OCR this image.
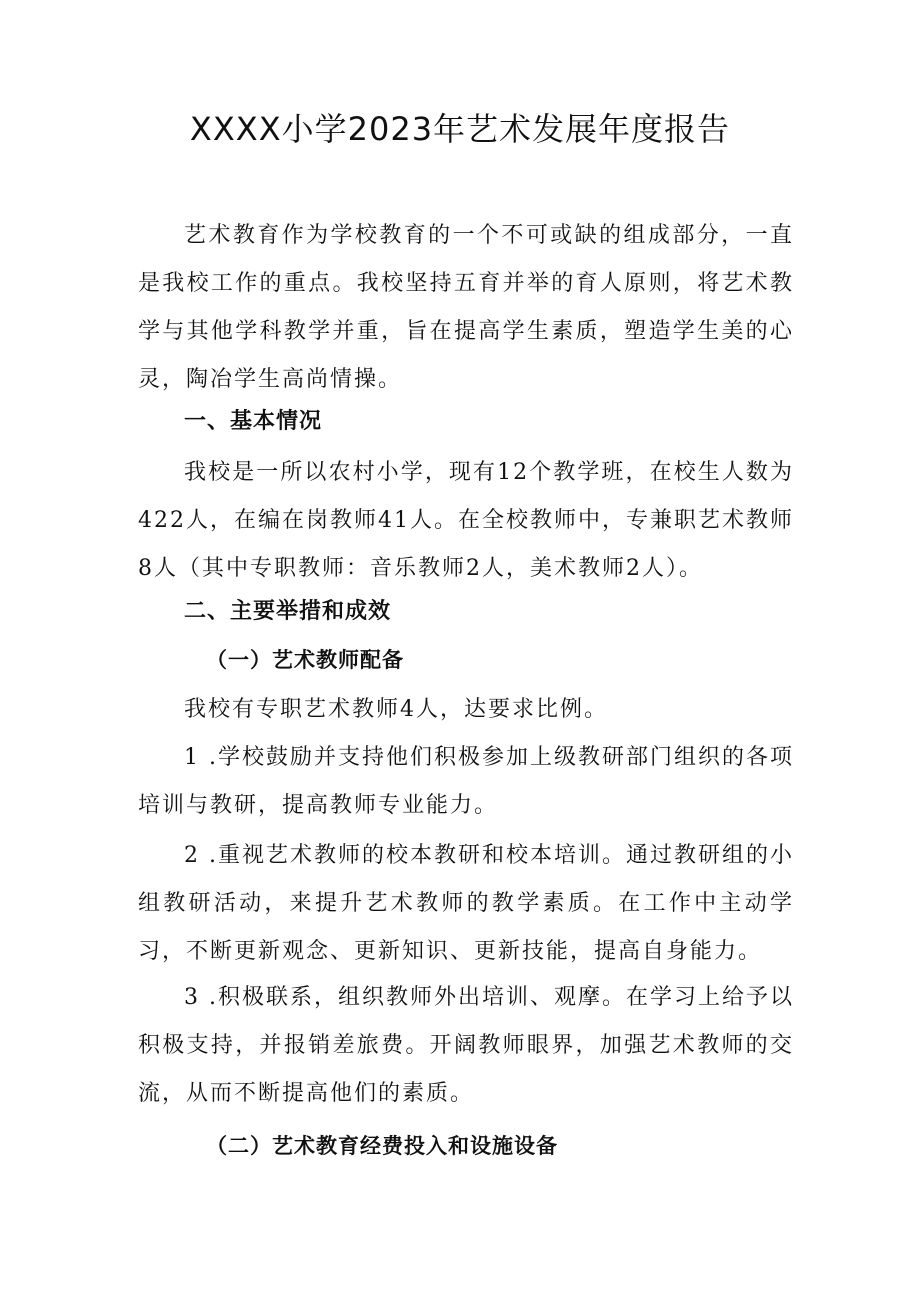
XXXX小学2023年艺术发展年度报告
艺术教育作为学校教育的一个不可或缺的组成部分，一直是我校工作的重点。我校坚持五育并举的育人原则，将艺术教学与其他学科教学并重，旨在提高学生素质，塑造学生美的心灵，陶冶学生高尚情操。
一、基本情况
我校是一所以农村小学，现有12个教学班，在校生人数为422人，在编在岗教师41人。在全校教师中，专兼职艺术教师8人（其中专职教师：音乐教师2人，美术教师2人）。
二、主要举措和成效
（一）艺术教师配备
我校有专职艺术教师4人，达要求比例。
1 .学校鼓励并支持他们积极参加上级教研部门组织的各项培训与教研，提高教师专业能力。
2 .重视艺术教师的校本教研和校本培训。通过教研组的小组教研活动，来提升艺术教师的教学素质。在工作中主动学习，不断更新观念、更新知识、更新技能，提高自身能力。
3 .积极联系，组织教师外出培训、观摩。在学习上给予以积极支持，并报销差旅费。开阔教师眼界，加强艺术教师的交流，从而不断提高他们的素质。
（二）艺术教育经费投入和设施设备
